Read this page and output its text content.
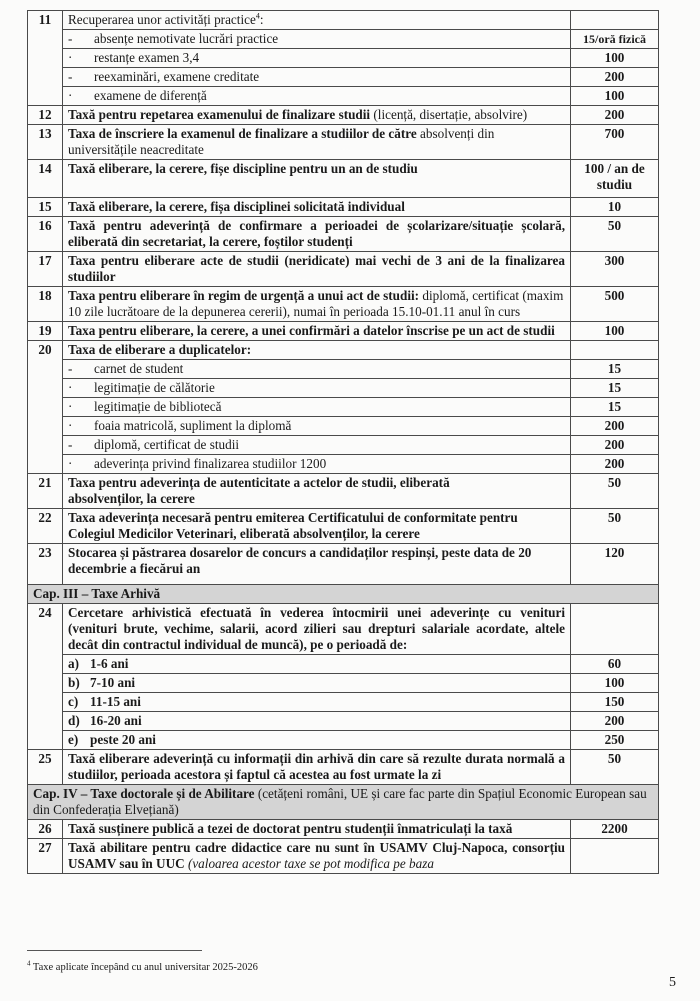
11	Recuperarea unor activități practice$^4$:	
	- absențe nemotivate lucrări practice	15/oră fizică
	· restanțe examen 3,4	100
	- reexaminări, examene creditate	200
	· examene de diferență	100
12	Taxă pentru repetarea examenului de finalizare studii (licență, disertație, absolvire)	200
13	Taxa de înscriere la examenul de finalizare a studiilor de către absolvenți din universitățile neacreditate	700
14	Taxă eliberare, la cerere, fișe discipline pentru un an de studiu	100 / an de studiu
15	Taxă eliberare, la cerere, fișa disciplinei solicitată individual	10
16	Taxă pentru adeverință de confirmare a perioadei de școlarizare/situație școlară, eliberată din secretariat, la cerere, foștilor studenți	50
17	Taxa pentru eliberare acte de studii (neridicate) mai vechi de 3 ani de la finalizarea studiilor	300
18	Taxa pentru eliberare în regim de urgență a unui act de studii: diplomă, certificat (maxim 10 zile lucrătoare de la depunerea cererii), numai în perioada 15.10-01.11 anul în curs	500
19	Taxa pentru eliberare, la cerere, a unei confirmări a datelor înscrise pe un act de studii	100
20	Taxa de eliberare a duplicatelor:	
	- carnet de student	15
	· legitimație de călătorie	15
	· legitimație de bibliotecă	15
	· foaia matricolă, supliment la diplomă	200
	- diplomă, certificat de studii	200
	· adeverința privind finalizarea studiilor 1200	200
21	Taxa pentru adeverința de autenticitate a actelor de studii, eliberată absolvenților, la cerere	50
22	Taxa adeverința necesară pentru emiterea Certificatului de conformitate pentru Colegiul Medicilor Veterinari, eliberată absolvenților, la cerere	50
23	Stocarea și păstrarea dosarelor de concurs a candidaților respinși, peste data de 20 decembrie a fiecărui an	120
Cap. III – Taxe Arhivă		
24	Cercetare arhivistică efectuată în vederea întocmirii unei adeverințe cu venituri (venituri brute, vechime, salarii, acord zilieri sau drepturi salariale acordate, altele decât din contractul individual de muncă), pe o perioadă de:	
	a) 1-6 ani	60
	b) 7-10 ani	100
	c) 11-15 ani	150
	d) 16-20 ani	200
	e) peste 20 ani	250
25	Taxă eliberare adeverință cu informații din arhivă din care să rezulte durata normală a studiilor, perioada acestora și faptul că acestea au fost urmate la zi	50
Cap. IV – Taxe doctorale și de Abilitare (cetățeni români, UE și care fac parte din Spațiul Economic European sau din Confederația Elvețiană)		
26	Taxă susținere publică a tezei de doctorat pentru studenții înmatriculați la taxă	2200
27	Taxă abilitare pentru cadre didactice care nu sunt în USAMV Cluj-Napoca, consorțiu USAMV sau în UUC (valoarea acestor taxe se pot modifica pe baza	
$^4$ Taxe aplicate începând cu anul universitar 2025-2026
5
